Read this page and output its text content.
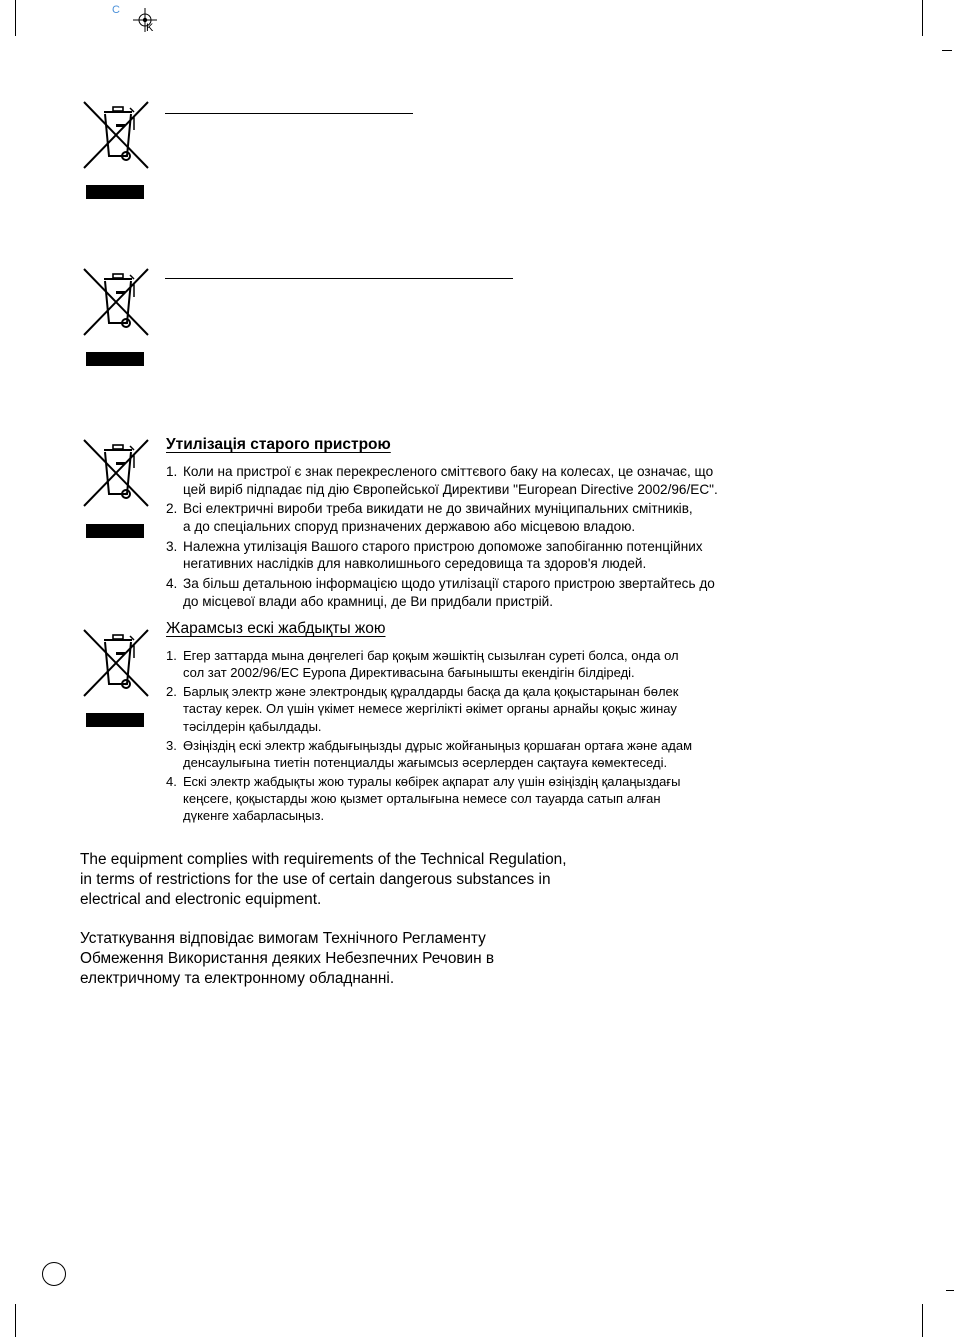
C
K
Утилізація старого пристрою
1. Коли на пристрої є знак перекресленого сміттєвого баку на колесах, це означає, що
цей виріб підпадає під дію Європейської Директиви "European Directive 2002/96/EC".
2. Всі електричні вироби треба викидати не до звичайних муніципальних смітників,
а до спеціальних споруд призначених державою або місцевою владою.
3. Належна утилізація Вашого старого пристрою допоможе запобіганню потенційних
негативних наслідків для навколишнього середовища та здоров'я людей.
4. За більш детальною інформацією щодо утилізації старого пристрою звертайтесь до
до місцевої влади або крамниці, де Ви придбали пристрій.
Жарамсыз ескі жабдықты жою
1. Егер заттарда мына дөңгелегі бар қоқым жәшіктің сызылған суреті болса, онда ол
сол зат 2002/96/EC Еуропа Директивасына бағынышты екендігін білдіреді.
2. Барлық электр және электрондық құралдарды басқа да қала қоқыстарынан бөлек
тастау керек. Ол үшін үкімет немесе жергілікті әкімет органы арнайы қоқыс жинау
тәсілдерін қабылдады.
3. Өзіңіздің ескі электр жабдығыңызды дұрыс жойғаныңыз қоршаған ортаға және адам
денсаулығына тиетін потенциалды жағымсыз әсерлерден сақтауға көмектеседі.
4. Ескі электр жабдықты жою туралы көбірек ақпарат алу үшін өзіңіздің қалаңыздағы
кеңсеге, қоқыстарды жою қызмет орталығына немесе сол тауарда сатып алған
дүкенге хабарласыңыз.
The equipment complies with requirements of the Technical Regulation,
in terms of restrictions for the use of certain dangerous substances in
electrical and electronic equipment.
Устаткування відповідає вимогам Технічного Регламенту
Обмеження Використання деяких Небезпечних Речовин в
електричному та електронному обладнанні.
